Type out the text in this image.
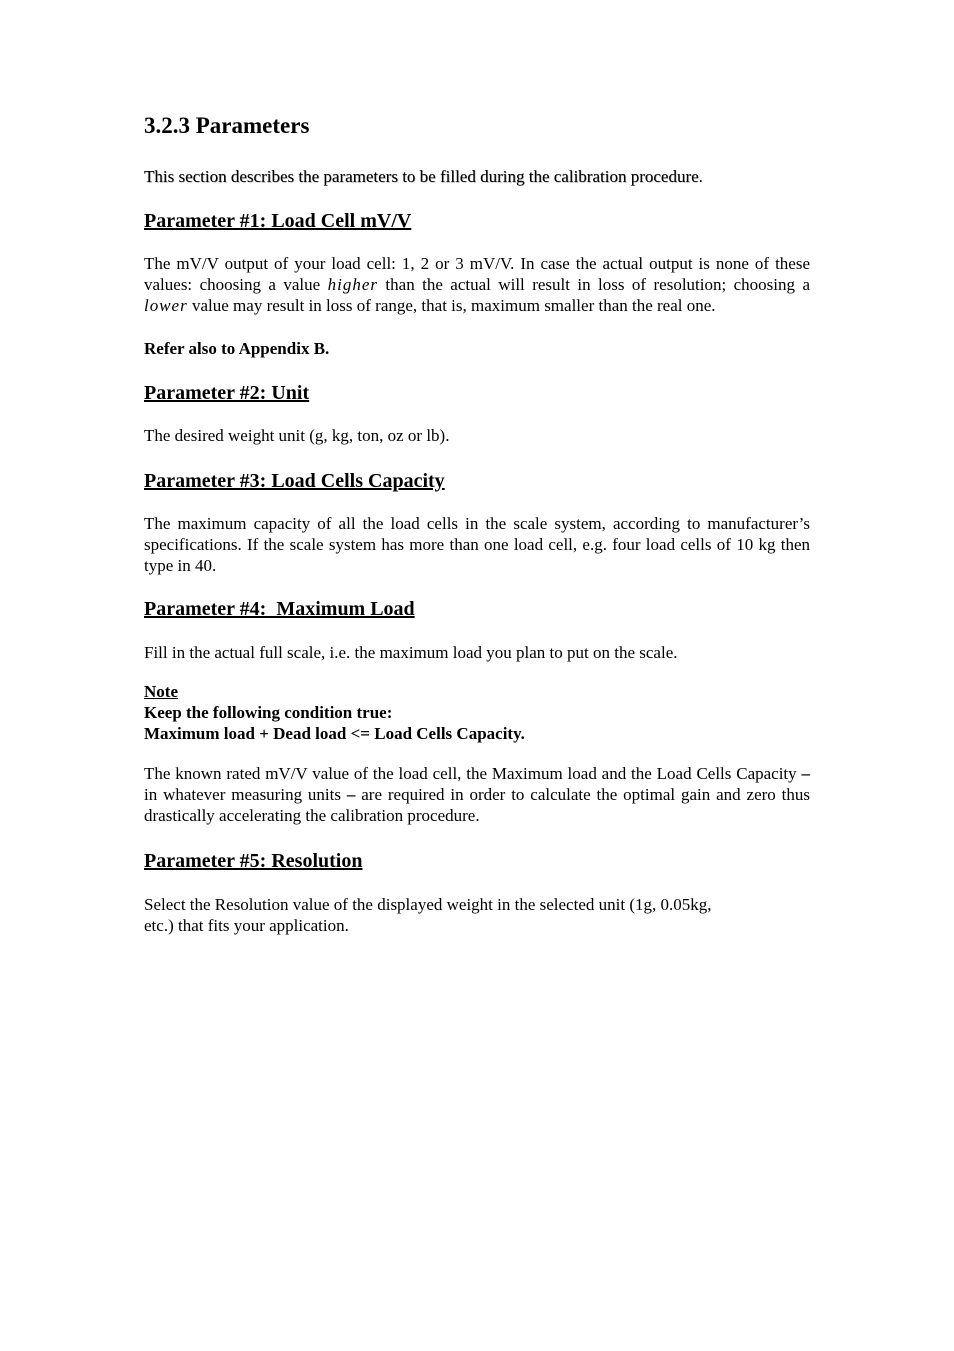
3.2.3 Parameters

This section describes the parameters to be filled during the calibration procedure.

Parameter #1: Load Cell mV/V

The mV/V output of your load cell: 1, 2 or 3 mV/V. In case the actual output is none of these values: choosing a value higher than the actual will result in loss of resolution; choosing a lower value may result in loss of range, that is, maximum smaller than the real one.

Refer also to Appendix B.

Parameter #2: Unit

The desired weight unit (g, kg, ton, oz or lb).

Parameter #3: Load Cells Capacity

The maximum capacity of all the load cells in the scale system, according to manufacturer’s specifications. If the scale system has more than one load cell, e.g. four load cells of 10 kg then type in 40.

Parameter #4:  Maximum Load

Fill in the actual full scale, i.e. the maximum load you plan to put on the scale.

Note

Keep the following condition true:

Maximum load + Dead load <= Load Cells Capacity.

The known rated mV/V value of the load cell, the Maximum load and the Load Cells Capacity – in whatever measuring units – are required in order to calculate the optimal gain and zero thus drastically accelerating the calibration procedure.

Parameter #5: Resolution

Select the Resolution value of the displayed weight in the selected unit (1g, 0.05kg,

etc.) that fits your application.
